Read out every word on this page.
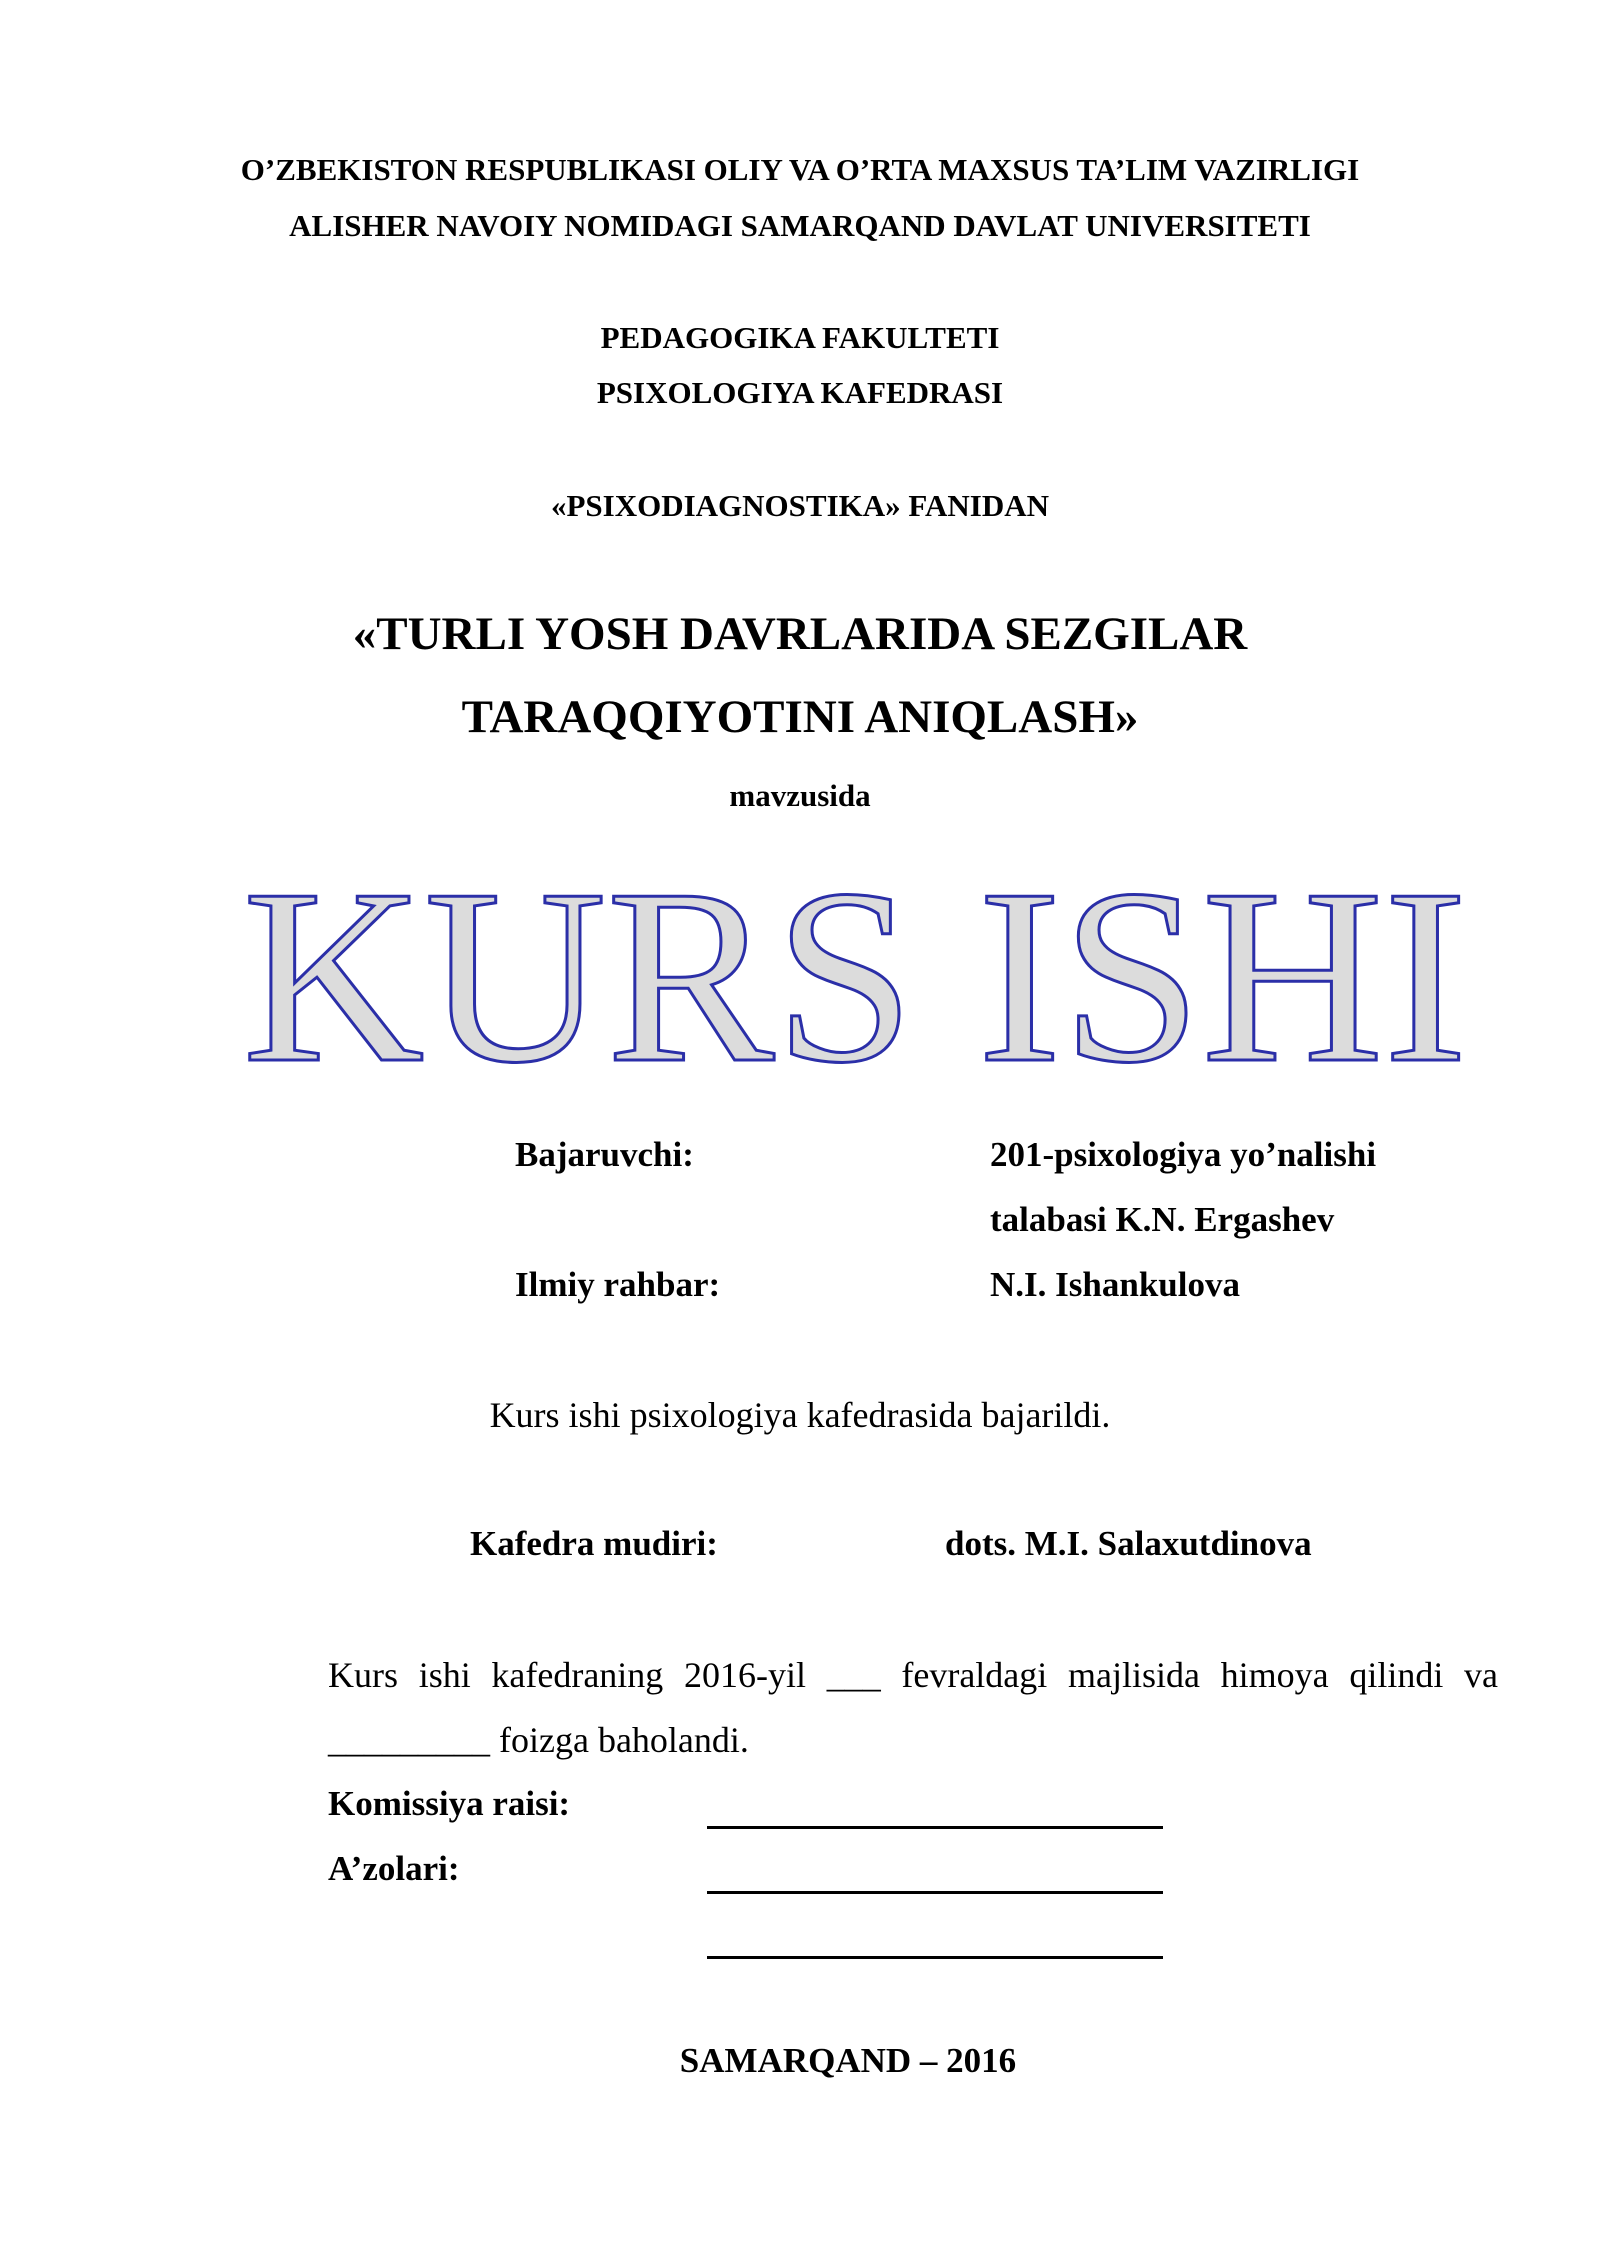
O’ZBEKISTON RESPUBLIKASI OLIY VA O’RTA MAXSUS TA’LIM VAZIRLIGI
ALISHER NAVOIY NOMIDAGI SAMARQAND DAVLAT UNIVERSITETI
PEDAGOGIKA FAKULTETI
PSIXOLOGIYA KAFEDRASI
«PSIXODIAGNOSTIKA» FANIDAN
«TURLI YOSH DAVRLARIDA SEZGILAR
TARAQQIYOTINI ANIQLASH»
mavzusida
KURS ISHI
Bajaruvchi:	201-psixologiya yo’nalishi
talabasi K.N. Ergashev
Ilmiy rahbar:	N.I. Ishankulova
Kurs ishi psixologiya kafedrasida bajarildi.
Kafedra mudiri:	dots. M.I. Salaxutdinova
Kurs ishi kafedraning 2016-yil ___ fevraldagi majlisida himoya qilindi va
_________ foizga baholandi.
Komissiya raisi:
A’zolari:
SAMARQAND – 2016
